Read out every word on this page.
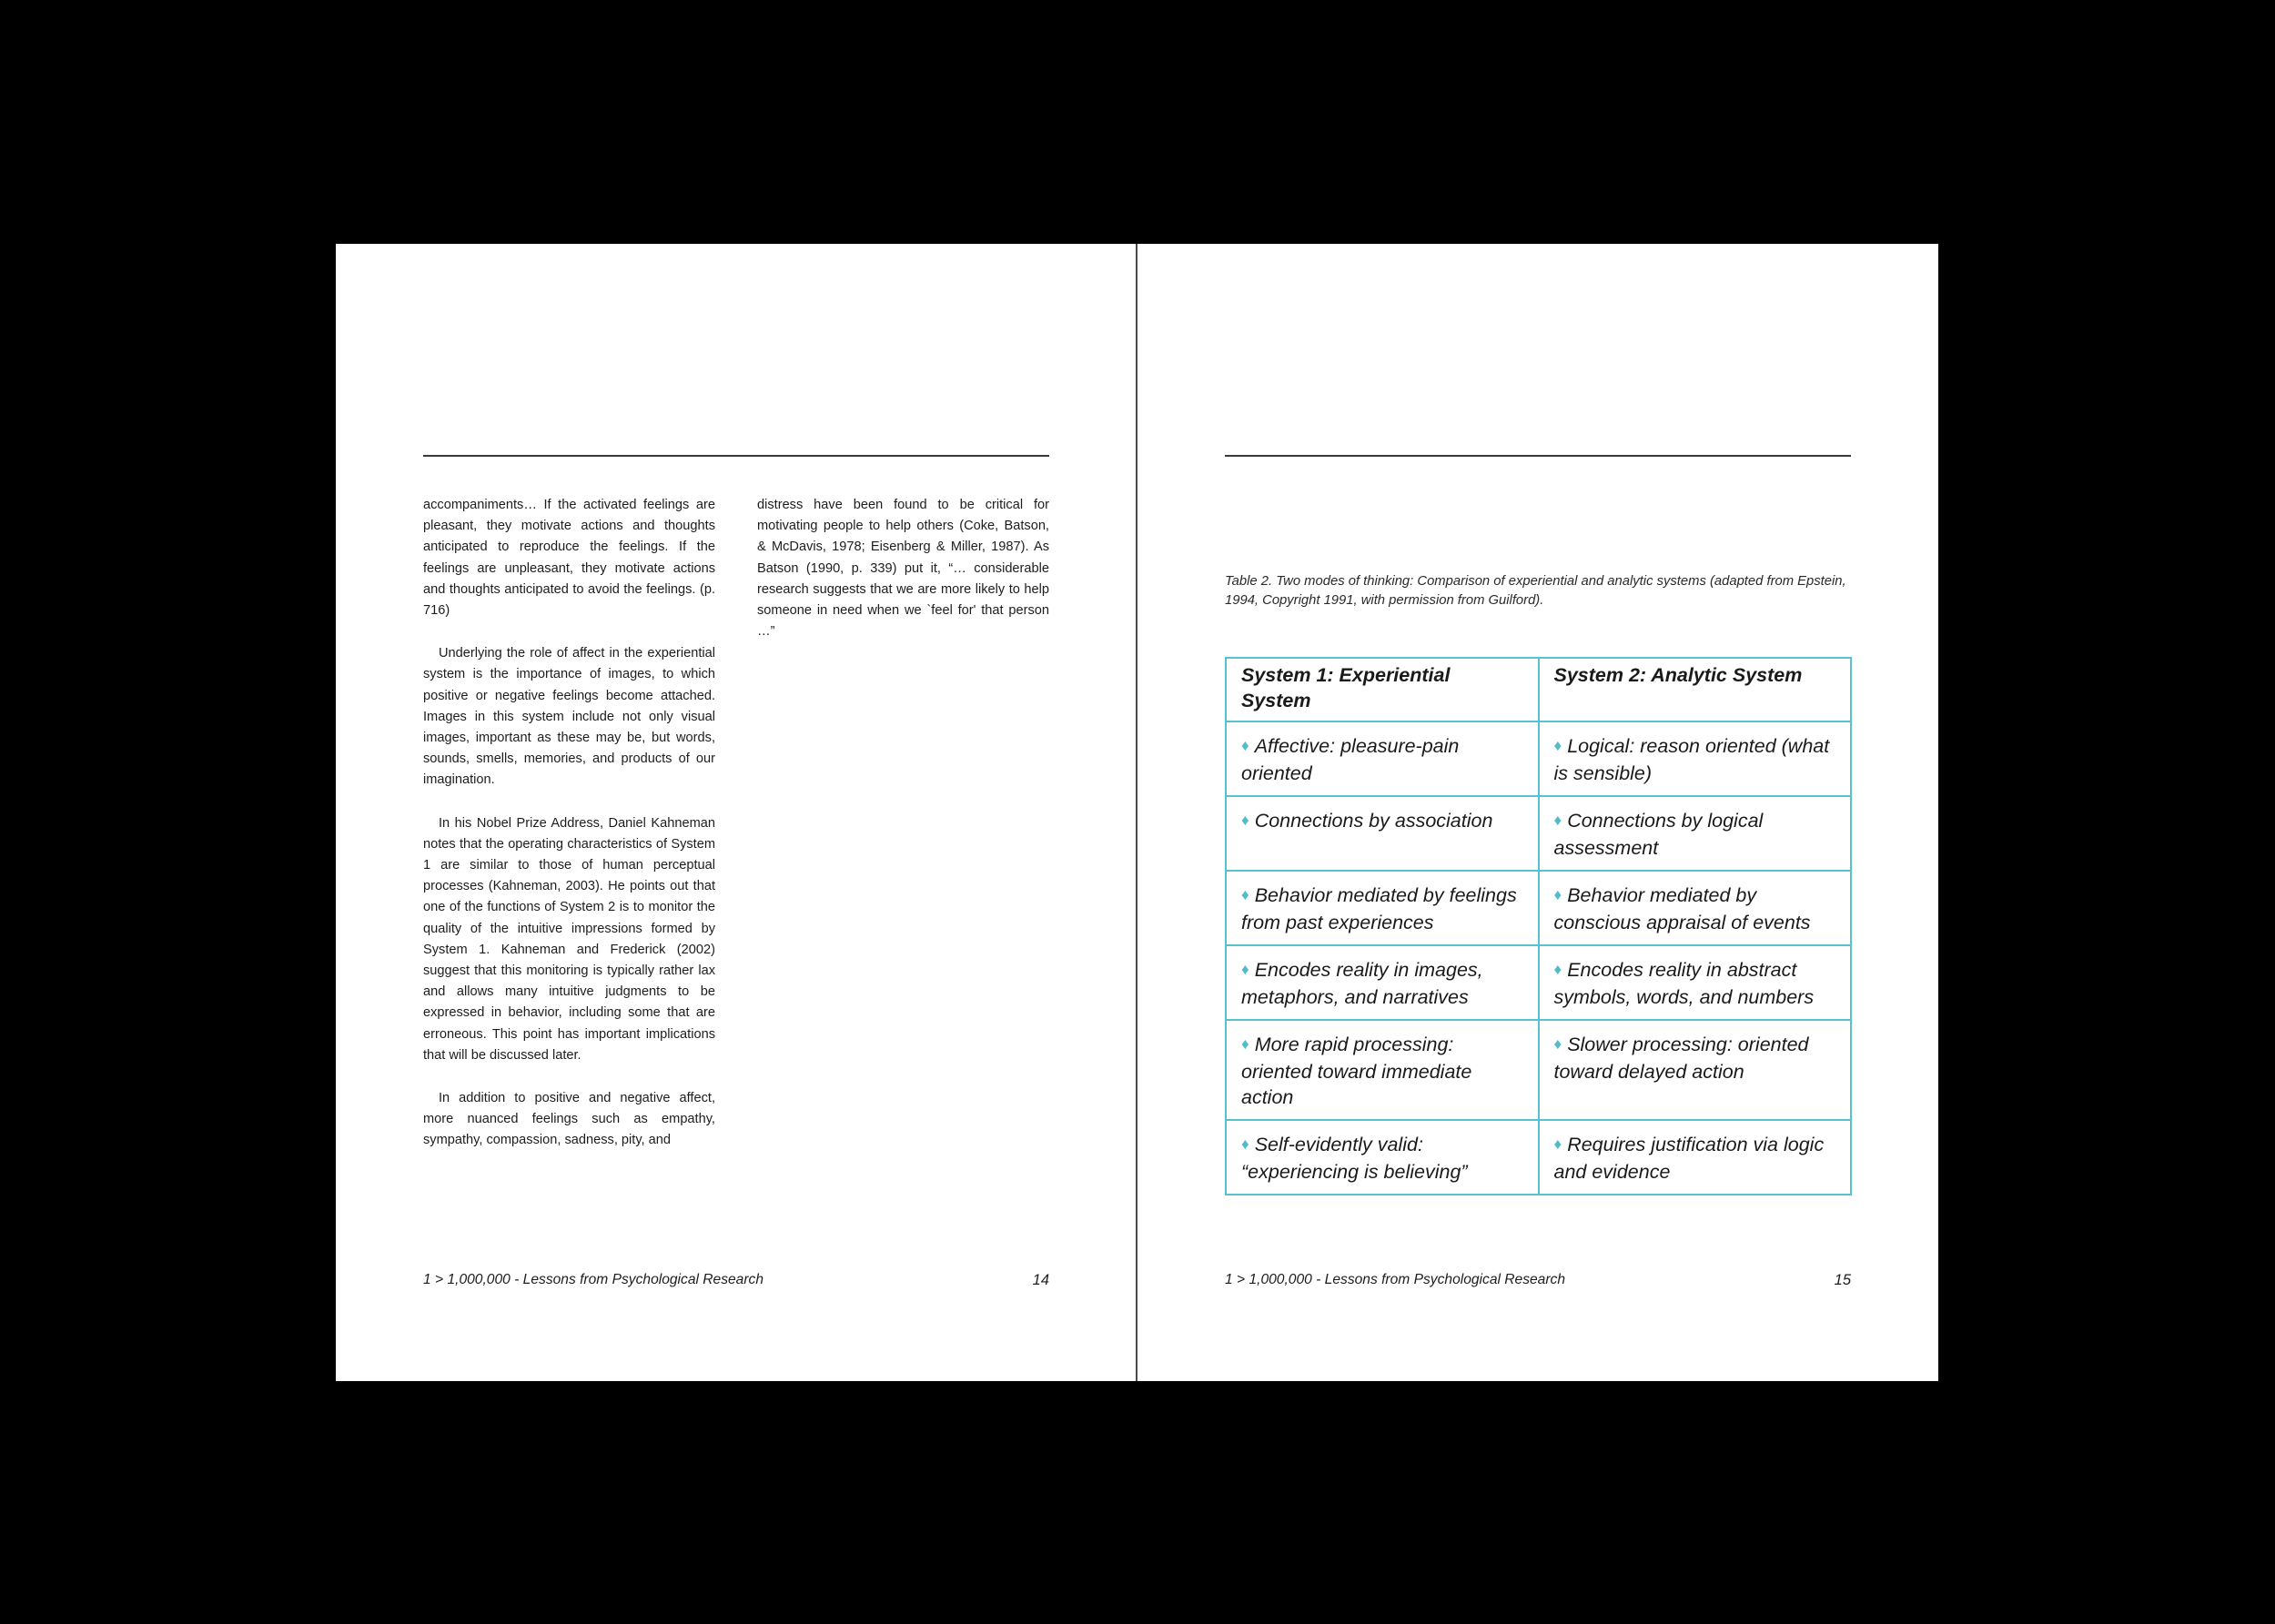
accompaniments… If the activated feelings are pleasant, they motivate actions and thoughts anticipated to reproduce the feelings. If the feelings are unpleasant, they motivate actions and thoughts anticipated to avoid the feelings. (p. 716)

Underlying the role of affect in the experiential system is the importance of images, to which positive or negative feelings become attached. Images in this system include not only visual images, important as these may be, but words, sounds, smells, memories, and products of our imagination.

In his Nobel Prize Address, Daniel Kahneman notes that the operating characteristics of System 1 are similar to those of human perceptual processes (Kahneman, 2003). He points out that one of the functions of System 2 is to monitor the quality of the intuitive impressions formed by System 1. Kahneman and Frederick (2002) suggest that this monitoring is typically rather lax and allows many intuitive judgments to be expressed in behavior, including some that are erroneous. This point has important implications that will be discussed later.

In addition to positive and negative affect, more nuanced feelings such as empathy, sympathy, compassion, sadness, pity, and

distress have been found to be critical for motivating people to help others (Coke, Batson, & McDavis, 1978; Eisenberg & Miller, 1987). As Batson (1990, p. 339) put it, “… considerable research suggests that we are more likely to help someone in need when we `feel for' that person …”

1 > 1,000,000 - Lessons from Psychological Research	14
Table 2. Two modes of thinking: Comparison of experiential and analytic systems (adapted from Epstein, 1994, Copyright 1991, with permission from Guilford).
System 1: Experiential System	System 2: Analytic System
♦ Affective: pleasure-pain oriented	♦ Logical: reason oriented (what is sensible)
♦ Connections by association	♦ Connections by logical assessment
♦ Behavior mediated by feelings from past experiences	♦ Behavior mediated by conscious appraisal of events
♦ Encodes reality in images, metaphors, and narratives	♦ Encodes reality in abstract symbols, words, and numbers
♦ More rapid processing: oriented toward immediate action	♦ Slower processing: oriented toward delayed action
♦ Self-evidently valid: “experiencing is believing”	♦ Requires justification via logic and evidence
1 > 1,000,000 - Lessons from Psychological Research	15
